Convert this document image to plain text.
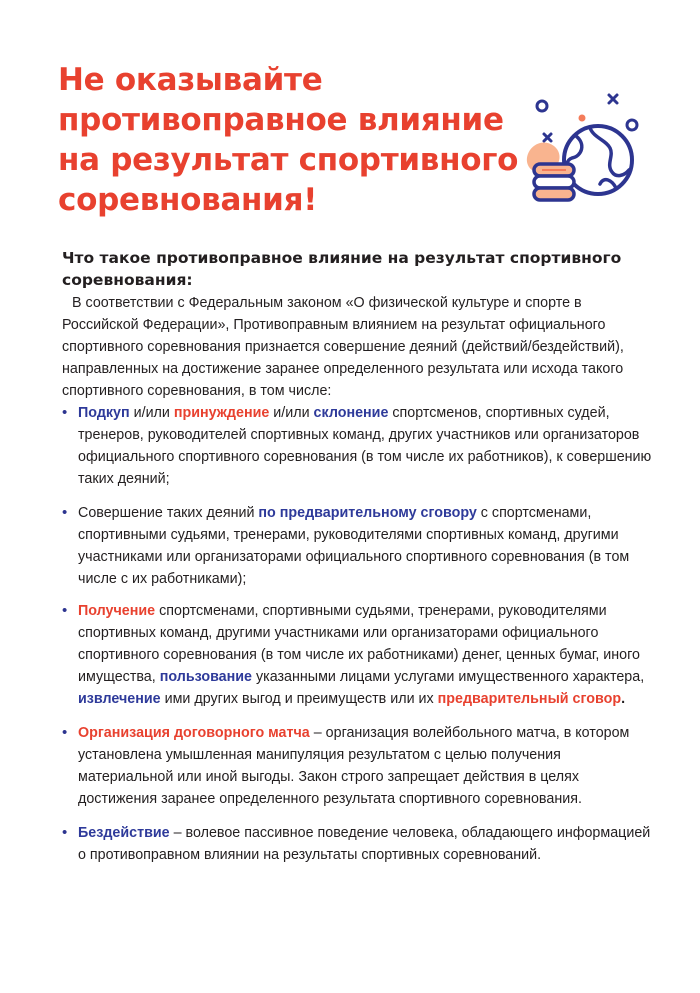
Не оказывайте
противоправное влияние
на результат спортивного
соревнования!
Что такое противоправное влияние на результат спортивного соревнования:

В соответствии с Федеральным законом «О физической культуре и спорте в Российской Федерации», Противоправным влиянием на результат официального спортивного соревнования признается совершение деяний (действий/бездействий), направленных на достижение заранее определенного результата или исхода такого спортивного соревнования, в том числе:

• Подкуп и/или принуждение и/или склонение спортсменов, спортивных судей, тренеров, руководителей спортивных команд, других участников или организаторов официального спортивного соревнования (в том числе их работников), к совершению таких деяний;
• Совершение таких деяний по предварительному сговору с спортсменами, спортивными судьями, тренерами, руководителями спортивных команд, другими участниками или организаторами официального спортивного соревнования (в том числе с их работниками);
• Получение спортсменами, спортивными судьями, тренерами, руководителями спортивных команд, другими участниками или организаторами официального спортивного соревнования (в том числе их работниками) денег, ценных бумаг, иного имущества, пользование указанными лицами услугами имущественного характера, извлечение ими других выгод и преимуществ или их предварительный сговор.
• Организация договорного матча – организация волейбольного матча, в котором установлена умышленная манипуляция результатом с целью получения материальной или иной выгоды. Закон строго запрещает действия в целях достижения заранее определенного результата спортивного соревнования.
• Бездействие – волевое пассивное поведение человека, обладающего информацией о противоправном влиянии на результаты спортивных соревнований.
